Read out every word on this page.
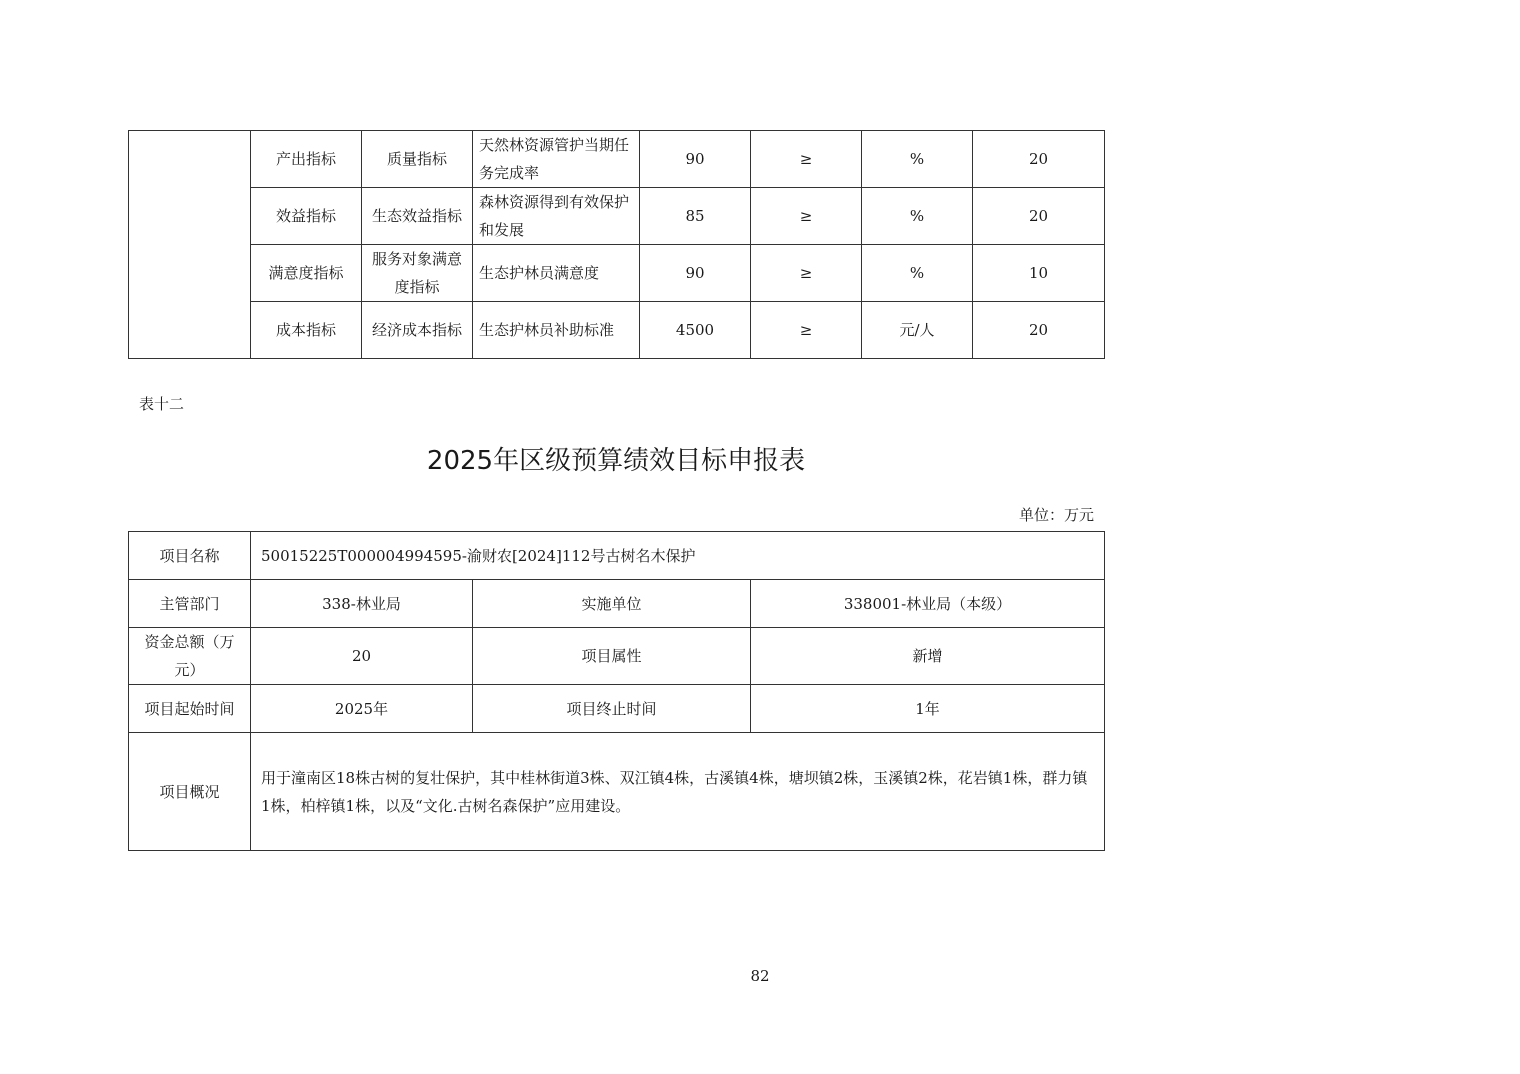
	产出指标	质量指标	天然林资源管护当期任务完成率	90	≥	%	20
	效益指标	生态效益指标	森林资源得到有效保护和发展	85	≥	%	20
	满意度指标	服务对象满意度指标	生态护林员满意度	90	≥	%	10
	成本指标	经济成本指标	生态护林员补助标准	4500	≥	元/人	20
表十二
2025年区级预算绩效目标申报表
单位：万元
项目名称	50015225T000004994595-渝财农[2024]112号古树名木保护		
主管部门	338-林业局	实施单位	338001-林业局（本级）
资金总额（万元）	20	项目属性	新增
项目起始时间	2025年	项目终止时间	1年
项目概况	用于潼南区18株古树的复壮保护，其中桂林街道3株、双江镇4株，古溪镇4株，塘坝镇2株，玉溪镇2株，花岩镇1株，群力镇1株，柏梓镇1株，以及“文化.古树名森保护”应用建设。		
82
